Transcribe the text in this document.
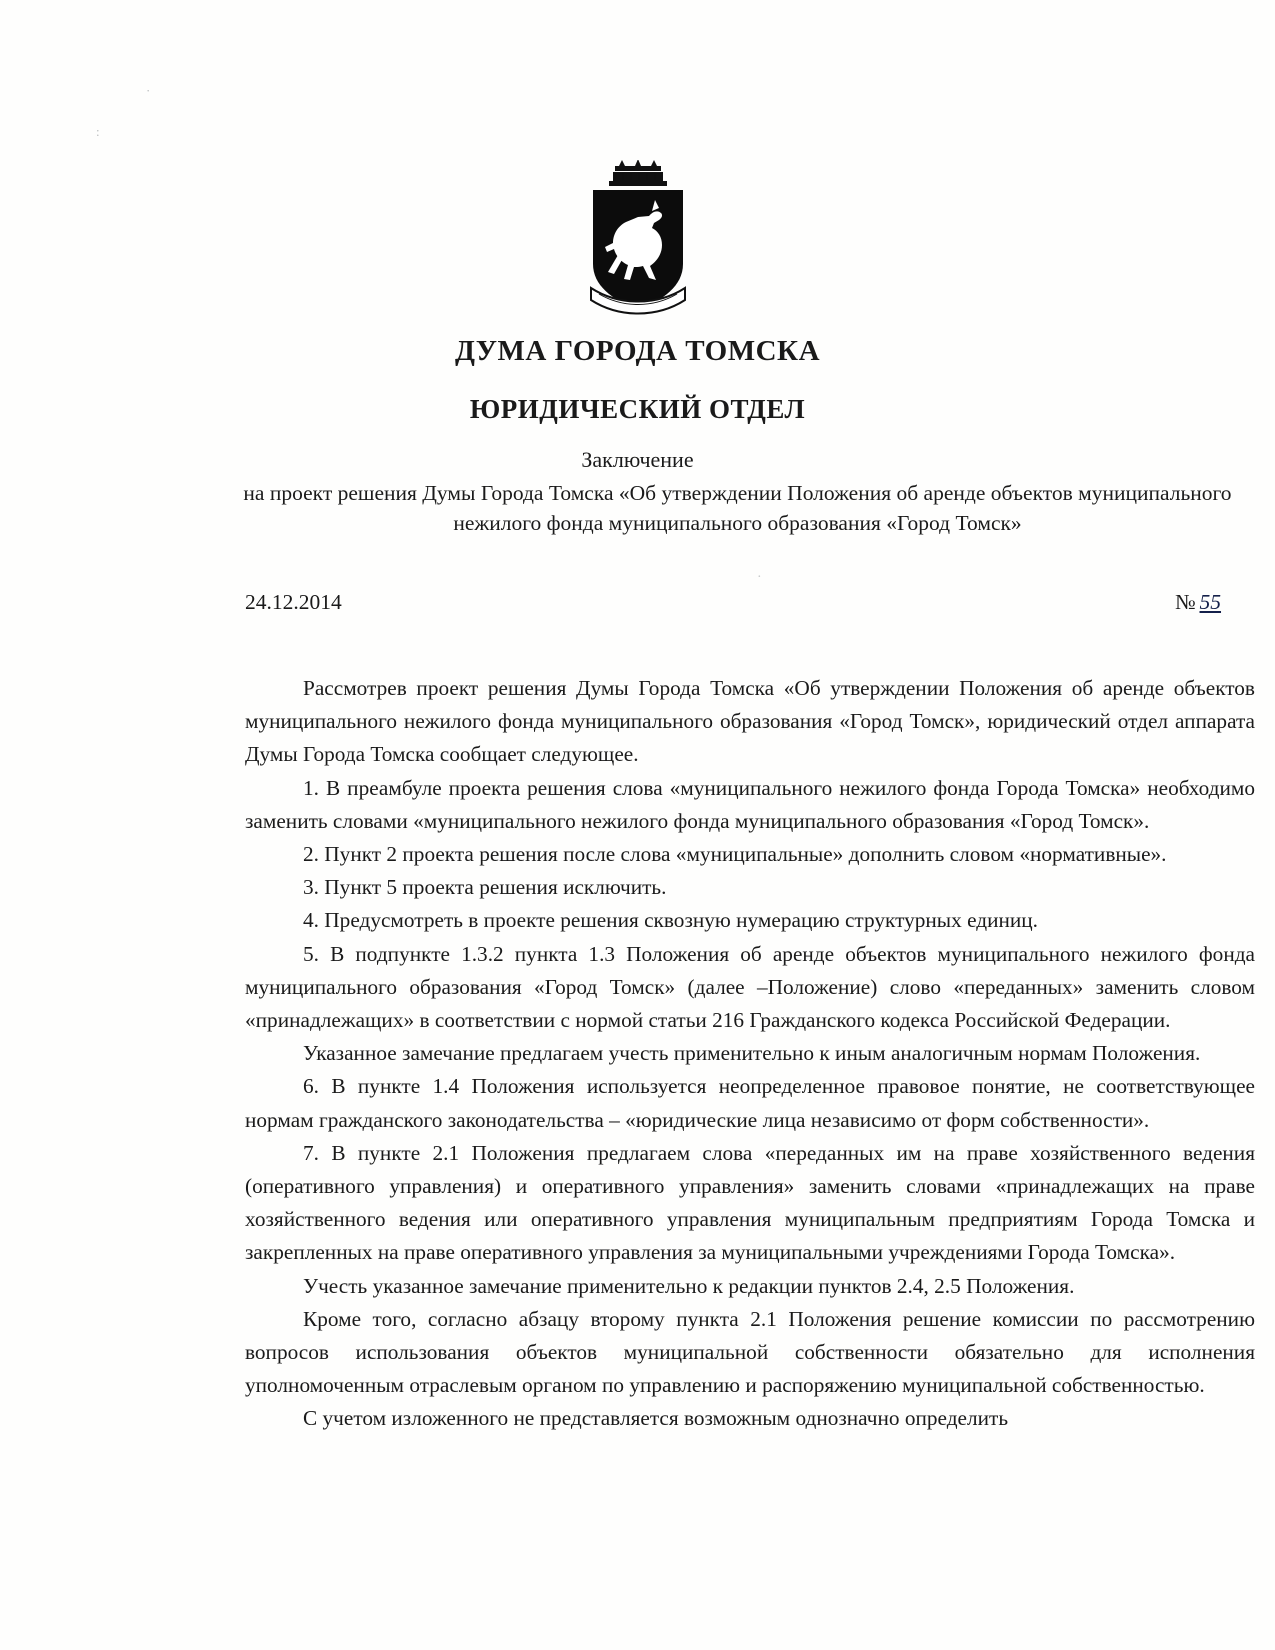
·
:
·
ДУМА ГОРОДА ТОМСКА
ЮРИДИЧЕСКИЙ ОТДЕЛ
Заключение
на проект решения Думы Города Томска «Об утверждении Положения об аренде объектов муниципального нежилого фонда муниципального образования «Город Томск»
24.12.2014	№ 55

Рассмотрев проект решения Думы Города Томска «Об утверждении Положения об аренде объектов муниципального нежилого фонда муниципального образования «Город Томск», юридический отдел аппарата Думы Города Томска сообщает следующее.

1. В преамбуле проекта решения слова «муниципального нежилого фонда Города Томска» необходимо заменить словами «муниципального нежилого фонда муниципального образования «Город Томск».

2. Пункт 2 проекта решения после слова «муниципальные» дополнить словом «нормативные».

3. Пункт 5 проекта решения исключить.

4. Предусмотреть в проекте решения сквозную нумерацию структурных единиц.

5. В подпункте 1.3.2 пункта 1.3 Положения об аренде объектов муниципального нежилого фонда муниципального образования «Город Томск» (далее –Положение) слово «переданных» заменить словом «принадлежащих» в соответствии с нормой статьи 216 Гражданского кодекса Российской Федерации.

Указанное замечание предлагаем учесть применительно к иным аналогичным нормам Положения.

6. В пункте 1.4 Положения используется неопределенное правовое понятие, не соответствующее нормам гражданского законодательства – «юридические лица независимо от форм собственности».

7. В пункте 2.1 Положения предлагаем слова «переданных им на праве хозяйственного ведения (оперативного управления) и оперативного управления» заменить словами «принадлежащих на праве хозяйственного ведения или оперативного управления муниципальным предприятиям Города Томска и закрепленных на праве оперативного управления за муниципальными учреждениями Города Томска».

Учесть указанное замечание применительно к редакции пунктов 2.4, 2.5 Положения.

Кроме того, согласно абзацу второму пункта 2.1 Положения решение комиссии по рассмотрению вопросов использования объектов муниципальной собственности обязательно для исполнения уполномоченным отраслевым органом по управлению и распоряжению муниципальной собственностью.

С учетом изложенного не представляется возможным однозначно определить
